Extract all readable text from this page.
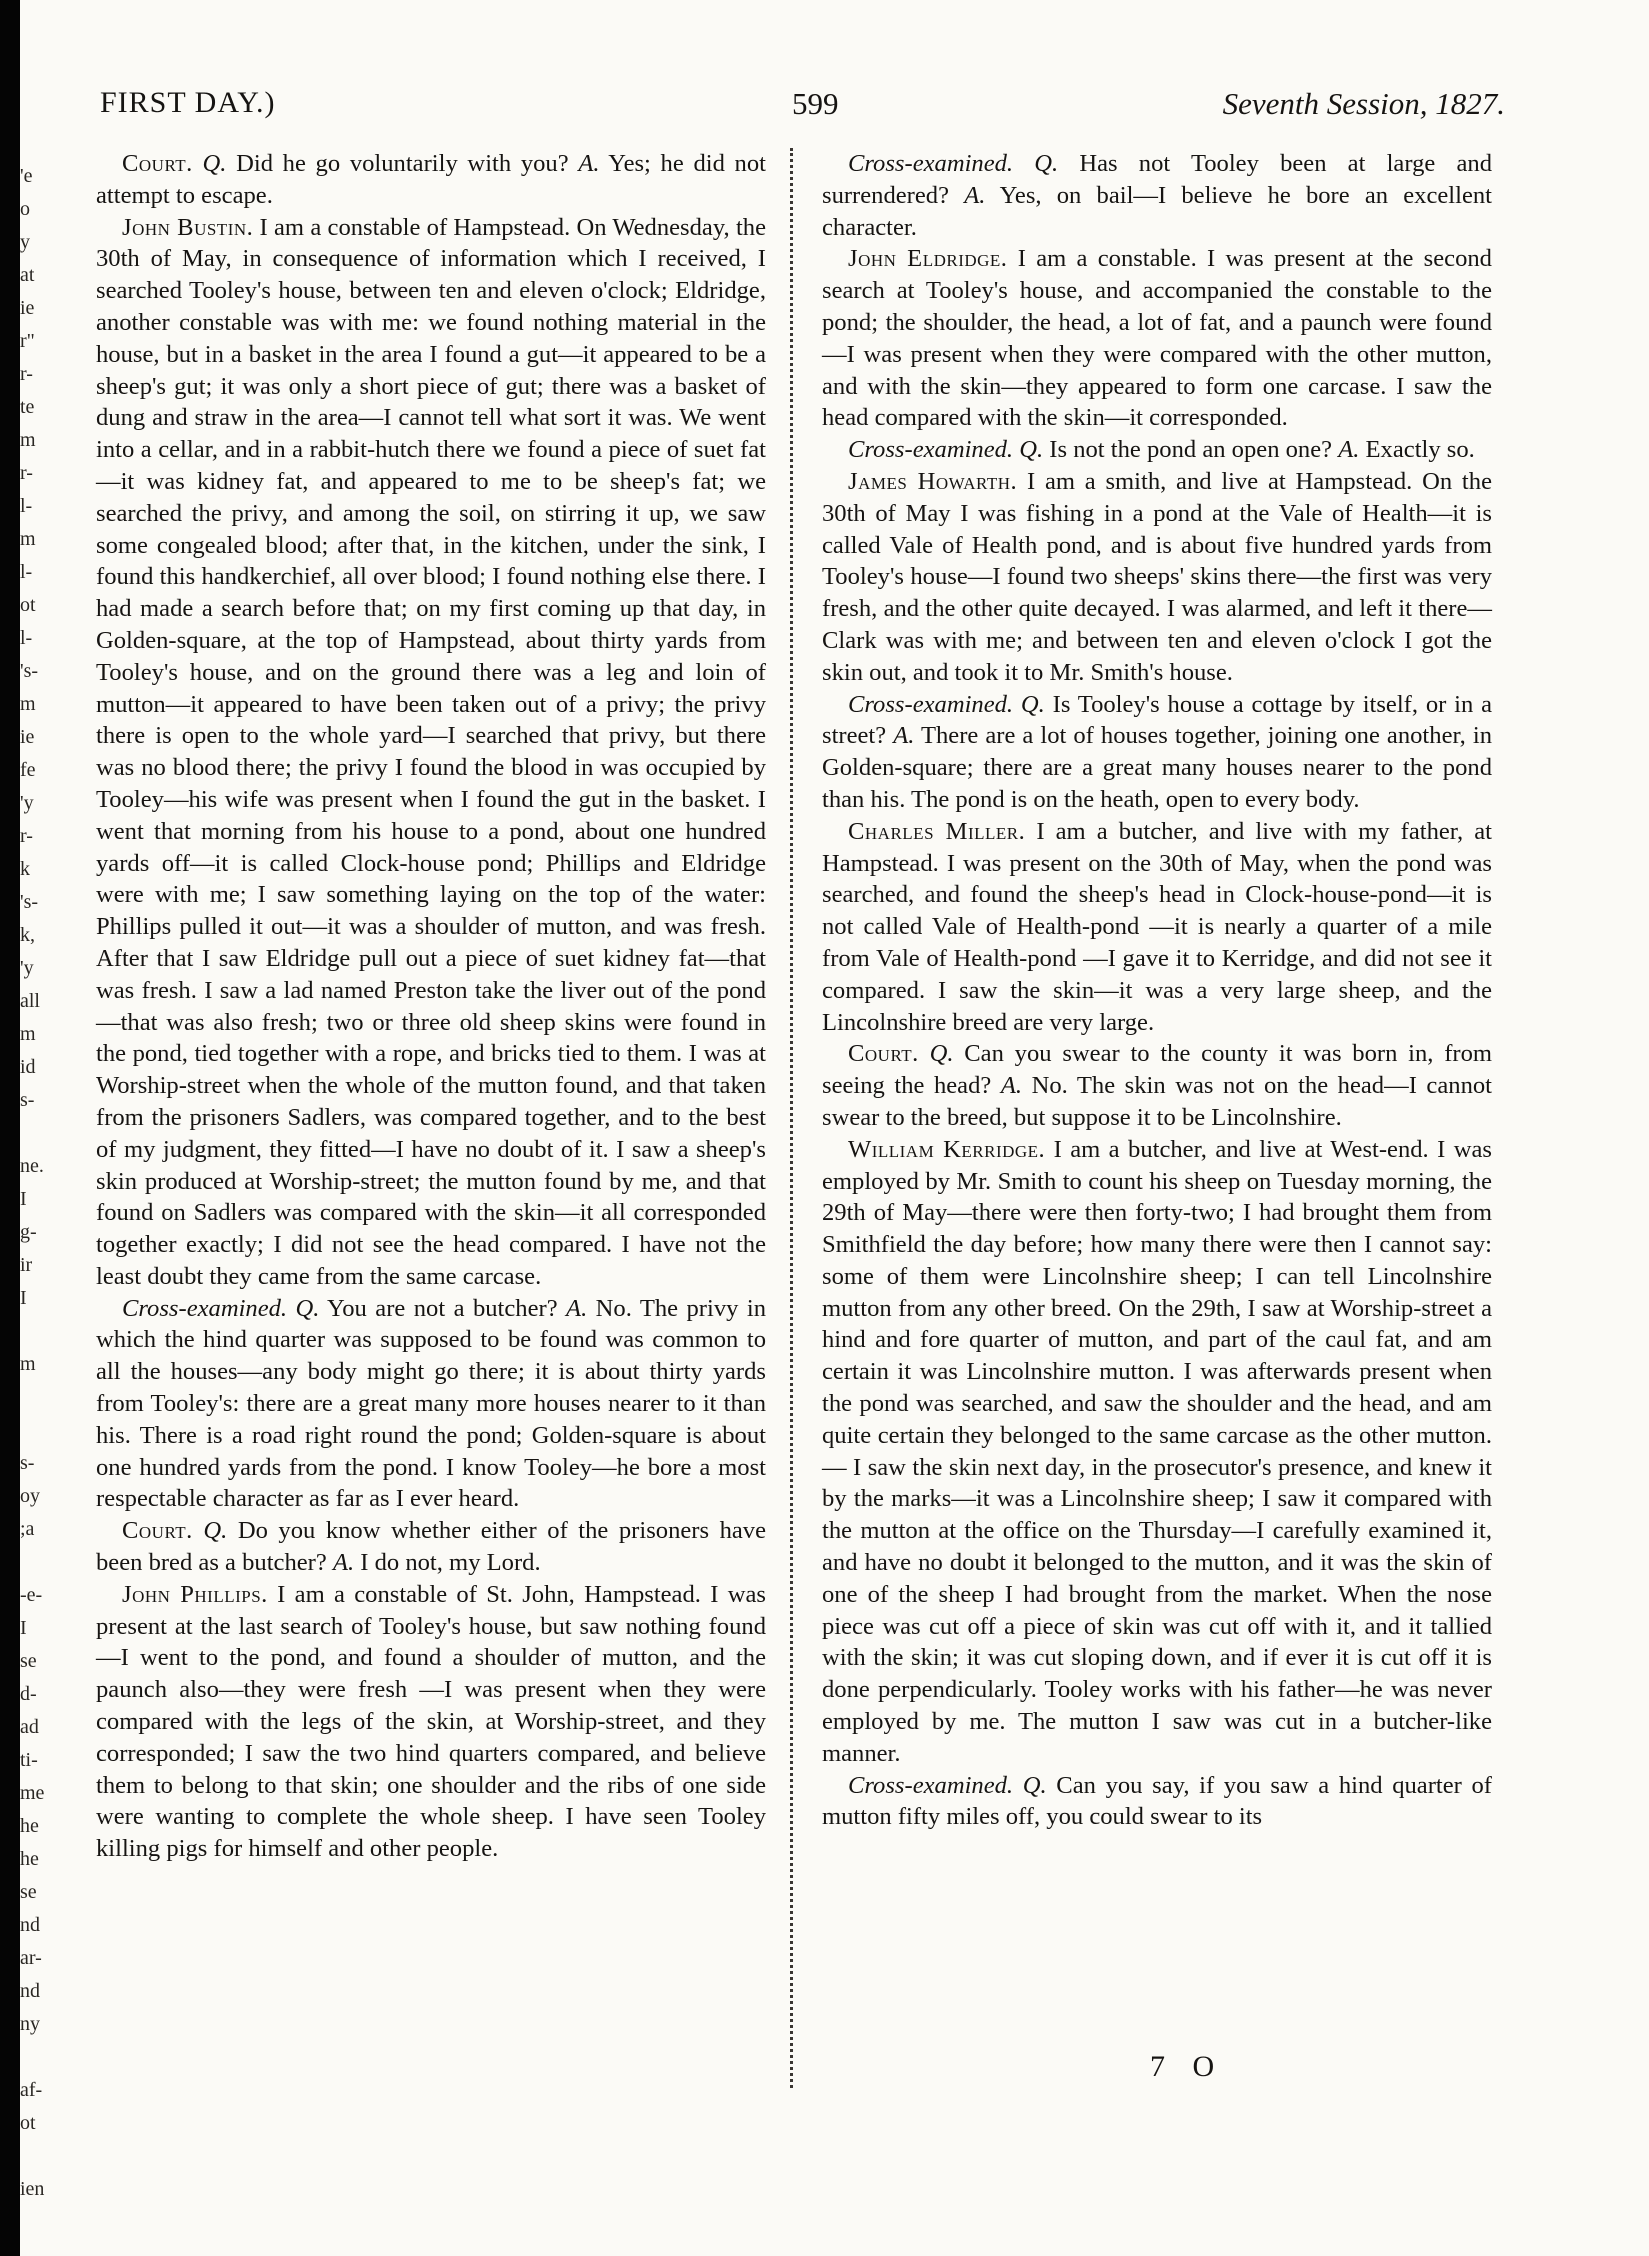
'e
o
y
at
ie
r"
r-
te
m
r-
l-
m
l-
ot
l-
's-
m
ie
fe
'y
r-
k
's-
k,
'y
all
m
id
s-

ne.
I
g-
ir
I

m

s-
oy
;a

-e-
I
se
d-
ad
ti-
me
he
he
se
nd
ar-
nd
ny

af-
ot

ien
FIRST DAY.)	599	Seventh Session, 1827.

Court. Q. Did he go voluntarily with you? A. Yes; he did not attempt to escape.

John Bustin. I am a constable of Hampstead. On Wednesday, the 30th of May, in consequence of information which I received, I searched Tooley's house, between ten and eleven o'clock; Eldridge, another constable was with me: we found nothing material in the house, but in a basket in the area I found a gut—it appeared to be a sheep's gut; it was only a short piece of gut; there was a basket of dung and straw in the area—I cannot tell what sort it was. We went into a cellar, and in a rabbit-hutch there we found a piece of suet fat—it was kidney fat, and appeared to me to be sheep's fat; we searched the privy, and among the soil, on stirring it up, we saw some congealed blood; after that, in the kitchen, under the sink, I found this handkerchief, all over blood; I found nothing else there. I had made a search before that; on my first coming up that day, in Golden-square, at the top of Hampstead, about thirty yards from Tooley's house, and on the ground there was a leg and loin of mutton—it appeared to have been taken out of a privy; the privy there is open to the whole yard—I searched that privy, but there was no blood there; the privy I found the blood in was occupied by Tooley—his wife was present when I found the gut in the basket. I went that morning from his house to a pond, about one hundred yards off—it is called Clock-house pond; Phillips and Eldridge were with me; I saw something laying on the top of the water: Phillips pulled it out—it was a shoulder of mutton, and was fresh. After that I saw Eldridge pull out a piece of suet kidney fat—that was fresh. I saw a lad named Preston take the liver out of the pond—that was also fresh; two or three old sheep skins were found in the pond, tied together with a rope, and bricks tied to them. I was at Worship-street when the whole of the mutton found, and that taken from the prisoners Sadlers, was compared together, and to the best of my judgment, they fitted—I have no doubt of it. I saw a sheep's skin produced at Worship-street; the mutton found by me, and that found on Sadlers was compared with the skin—it all corresponded together exactly; I did not see the head compared. I have not the least doubt they came from the same carcase.

Cross-examined. Q. You are not a butcher? A. No. The privy in which the hind quarter was supposed to be found was common to all the houses—any body might go there; it is about thirty yards from Tooley's: there are a great many more houses nearer to it than his. There is a road right round the pond; Golden-square is about one hundred yards from the pond. I know Tooley—he bore a most respectable character as far as I ever heard.

Court. Q. Do you know whether either of the prisoners have been bred as a butcher? A. I do not, my Lord.

John Phillips. I am a constable of St. John, Hampstead. I was present at the last search of Tooley's house, but saw nothing found—I went to the pond, and found a shoulder of mutton, and the paunch also—they were fresh —I was present when they were compared with the legs of the skin, at Worship-street, and they corresponded; I saw the two hind quarters compared, and believe them to belong to that skin; one shoulder and the ribs of one side were wanting to complete the whole sheep. I have seen Tooley killing pigs for himself and other people.

Cross-examined. Q. Has not Tooley been at large and surrendered? A. Yes, on bail—I believe he bore an excellent character.

John Eldridge. I am a constable. I was present at the second search at Tooley's house, and accompanied the constable to the pond; the shoulder, the head, a lot of fat, and a paunch were found—I was present when they were compared with the other mutton, and with the skin—they appeared to form one carcase. I saw the head compared with the skin—it corresponded.

Cross-examined. Q. Is not the pond an open one? A. Exactly so.

James Howarth. I am a smith, and live at Hampstead. On the 30th of May I was fishing in a pond at the Vale of Health—it is called Vale of Health pond, and is about five hundred yards from Tooley's house—I found two sheeps' skins there—the first was very fresh, and the other quite decayed. I was alarmed, and left it there—Clark was with me; and between ten and eleven o'clock I got the skin out, and took it to Mr. Smith's house.

Cross-examined. Q. Is Tooley's house a cottage by itself, or in a street? A. There are a lot of houses together, joining one another, in Golden-square; there are a great many houses nearer to the pond than his. The pond is on the heath, open to every body.

Charles Miller. I am a butcher, and live with my father, at Hampstead. I was present on the 30th of May, when the pond was searched, and found the sheep's head in Clock-house-pond—it is not called Vale of Health-pond —it is nearly a quarter of a mile from Vale of Health-pond —I gave it to Kerridge, and did not see it compared. I saw the skin—it was a very large sheep, and the Lincolnshire breed are very large.

Court. Q. Can you swear to the county it was born in, from seeing the head? A. No. The skin was not on the head—I cannot swear to the breed, but suppose it to be Lincolnshire.

William Kerridge. I am a butcher, and live at West-end. I was employed by Mr. Smith to count his sheep on Tuesday morning, the 29th of May—there were then forty-two; I had brought them from Smithfield the day before; how many there were then I cannot say: some of them were Lincolnshire sheep; I can tell Lincolnshire mutton from any other breed. On the 29th, I saw at Worship-street a hind and fore quarter of mutton, and part of the caul fat, and am certain it was Lincolnshire mutton. I was afterwards present when the pond was searched, and saw the shoulder and the head, and am quite certain they belonged to the same carcase as the other mutton.— I saw the skin next day, in the prosecutor's presence, and knew it by the marks—it was a Lincolnshire sheep; I saw it compared with the mutton at the office on the Thursday—I carefully examined it, and have no doubt it belonged to the mutton, and it was the skin of one of the sheep I had brought from the market. When the nose piece was cut off a piece of skin was cut off with it, and it tallied with the skin; it was cut sloping down, and if ever it is cut off it is done perpendicularly. Tooley works with his father—he was never employed by me. The mutton I saw was cut in a butcher-like manner.

Cross-examined. Q. Can you say, if you saw a hind quarter of mutton fifty miles off, you could swear to its

7 O
